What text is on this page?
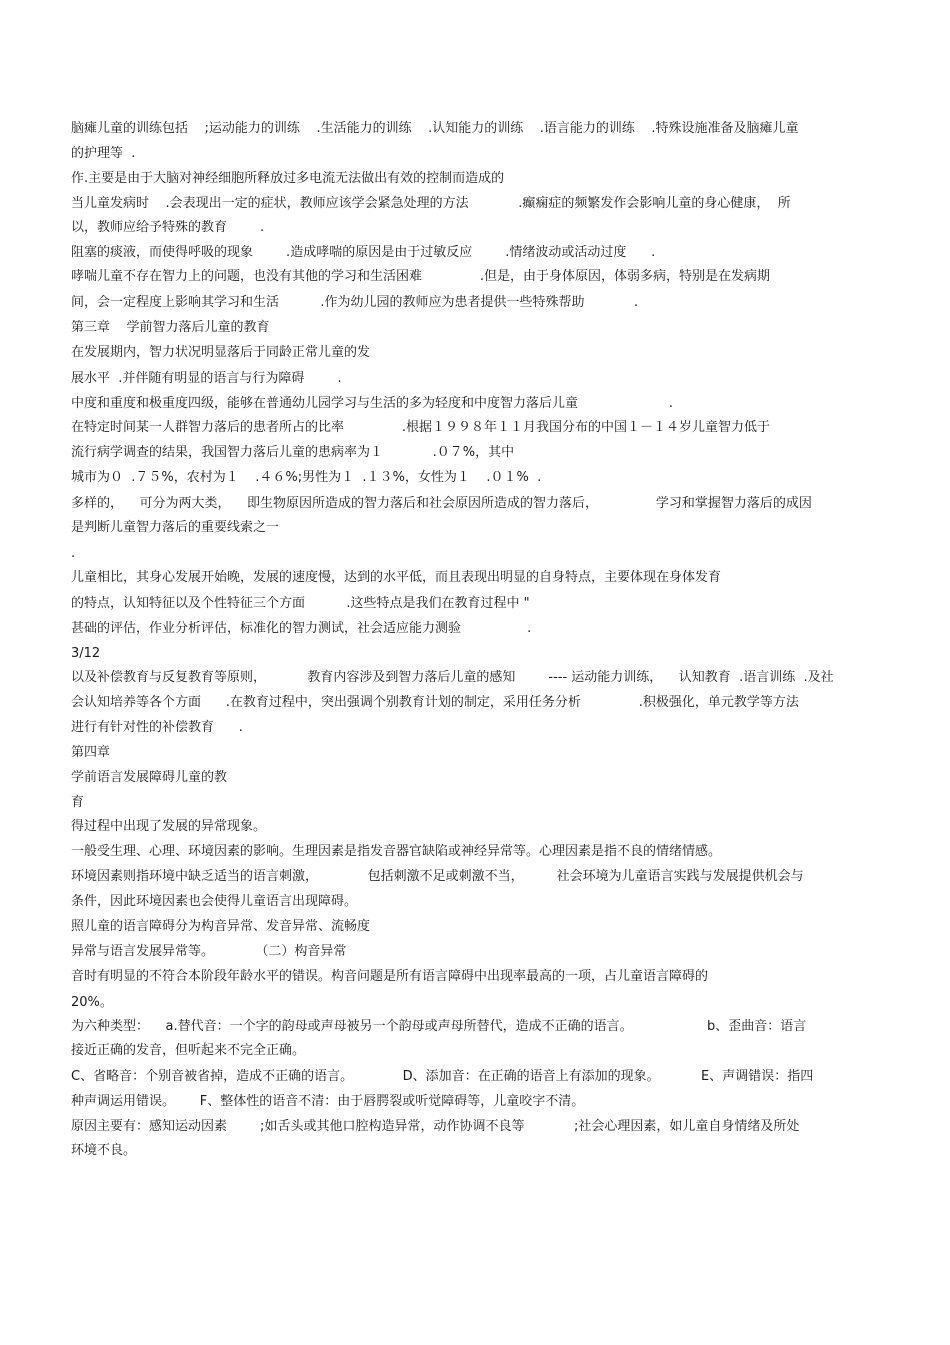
脑瘫儿童的训练包括    ;运动能力的训练    .生活能力的训练    .认知能力的训练    .语言能力的训练    .特殊设施准备及脑瘫儿童
的护理等  .
作.主要是由于大脑对神经细胞所释放过多电流无法做出有效的控制而造成的
当儿童发病时    .会表现出一定的症状，教师应该学会紧急处理的方法            .癫痫症的频繁发作会影响儿童的身心健康，  所
以，教师应给予特殊的教育        .
阻塞的痰液，而使得呼吸的现象        .造成哮喘的原因是由于过敏反应        .情绪波动或活动过度      .
哮喘儿童不存在智力上的问题，也没有其他的学习和生活困难              .但是，由于身体原因，体弱多病，特别是在发病期
间，会一定程度上影响其学习和生活          .作为幼儿园的教师应为患者提供一些特殊帮助            .
第三章    学前智力落后儿童的教育
在发展期内，智力状况明显落后于同龄正常儿童的发
展水平  .并伴随有明显的语言与行为障碍        .
中度和重度和极重度四级，能够在普通幼儿园学习与生活的多为轻度和中度智力落后儿童                      .
在特定时间某一人群智力落后的患者所占的比率              .根据１９９８年１１月我国分布的中国１－１４岁儿童智力低于
流行病学调查的结果，我国智力落后儿童的患病率为１            .０７%，其中
城市为０  .７５%，农村为１    .４６%;男性为１  .１３%，女性为１    .０１%  .
多样的，    可分为两大类，    即生物原因所造成的智力落后和社会原因所造成的智力落后，              学习和掌握智力落后的成因
是判断儿童智力落后的重要线索之一
.
儿童相比，其身心发展开始晚，发展的速度慢，达到的水平低，而且表现出明显的自身特点，主要体现在身体发育
的特点，认知特征以及个性特征三个方面          .这些特点是我们在教育过程中 "
甚础的评估，作业分析评估，标准化的智力测试，社会适应能力测验                .
3/12
以及补偿教育与反复教育等原则，          教育内容涉及到智力落后儿童的感知        ---- 运动能力训练，    认知教育  .语言训练  .及社
会认知培养等各个方面      .在教育过程中，突出强调个别教育计划的制定，采用任务分析              .积极强化，单元教学等方法
进行有针对性的补偿教育      .
第四章
学前语言发展障碍儿童的教
育
得过程中出现了发展的异常现象。
一般受生理、心理、环境因素的影响。生理因素是指发音器官缺陷或神经异常等。心理因素是指不良的情绪情感。
环境因素则指环境中缺乏适当的语言刺激，            包括刺激不足或刺激不当，        社会环境为儿童语言实践与发展提供机会与
条件，因此环境因素也会使得儿童语言出现障碍。
照儿童的语言障碍分为构音异常、发音异常、流畅度
异常与语言发展异常等。          （二）构音异常
音时有明显的不符合本阶段年龄水平的错误。构音问题是所有语言障碍中出现率最高的一项，占儿童语言障碍的
20%。
为六种类型：    a.替代音：一个字的韵母或声母被另一个韵母或声母所替代，造成不正确的语言。                  b、歪曲音：语言
接近正确的发音，但听起来不完全正确。
C、省略音：个别音被省掉，造成不正确的语言。            D、添加音：在正确的语音上有添加的现象。          E、声调错误：指四
种声调运用错误。      F、整体性的语音不清：由于唇腭裂或听觉障碍等，儿童咬字不清。
原因主要有：感知运动因素        ;如舌头或其他口腔构造异常，动作协调不良等            ;社会心理因素，如儿童自身情绪及所处
环境不良。
